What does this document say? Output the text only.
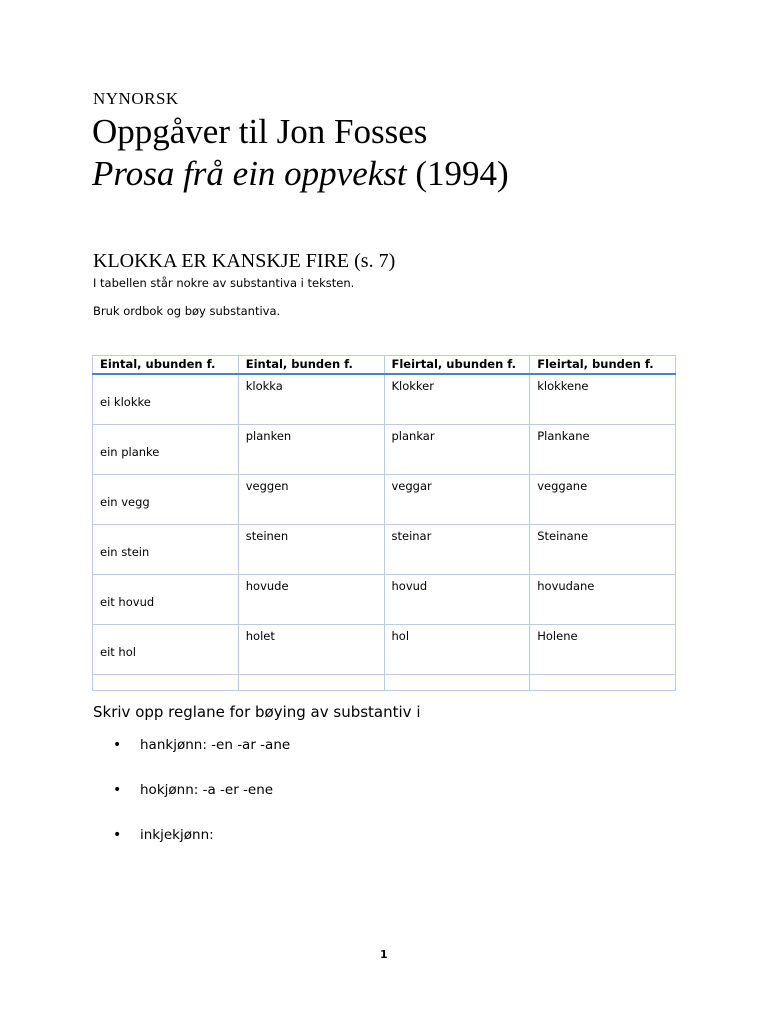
NYNORSK
Oppgåver til Jon Fosses
Prosa frå ein oppvekst (1994)
KLOKKA ER KANSKJE FIRE (s. 7)
I tabellen står nokre av substantiva i teksten.
Bruk ordbok og bøy substantiva.
Eintal, ubunden f.	Eintal, bunden f.	Fleirtal, ubunden f.	Fleirtal, bunden f.

ei klokke	klokka	Klokker	klokkene

ein planke	planken	plankar	Plankane

ein vegg	veggen	veggar	veggane

ein stein	steinen	steinar	Steinane

eit hovud	hovude	hovud	hovudane

eit hol	holet	hol	Holene

Skriv opp reglane for bøying av substantiv i
• hankjønn: -en -ar -ane
• hokjønn: -a -er -ene
• inkjekjønn:
1
